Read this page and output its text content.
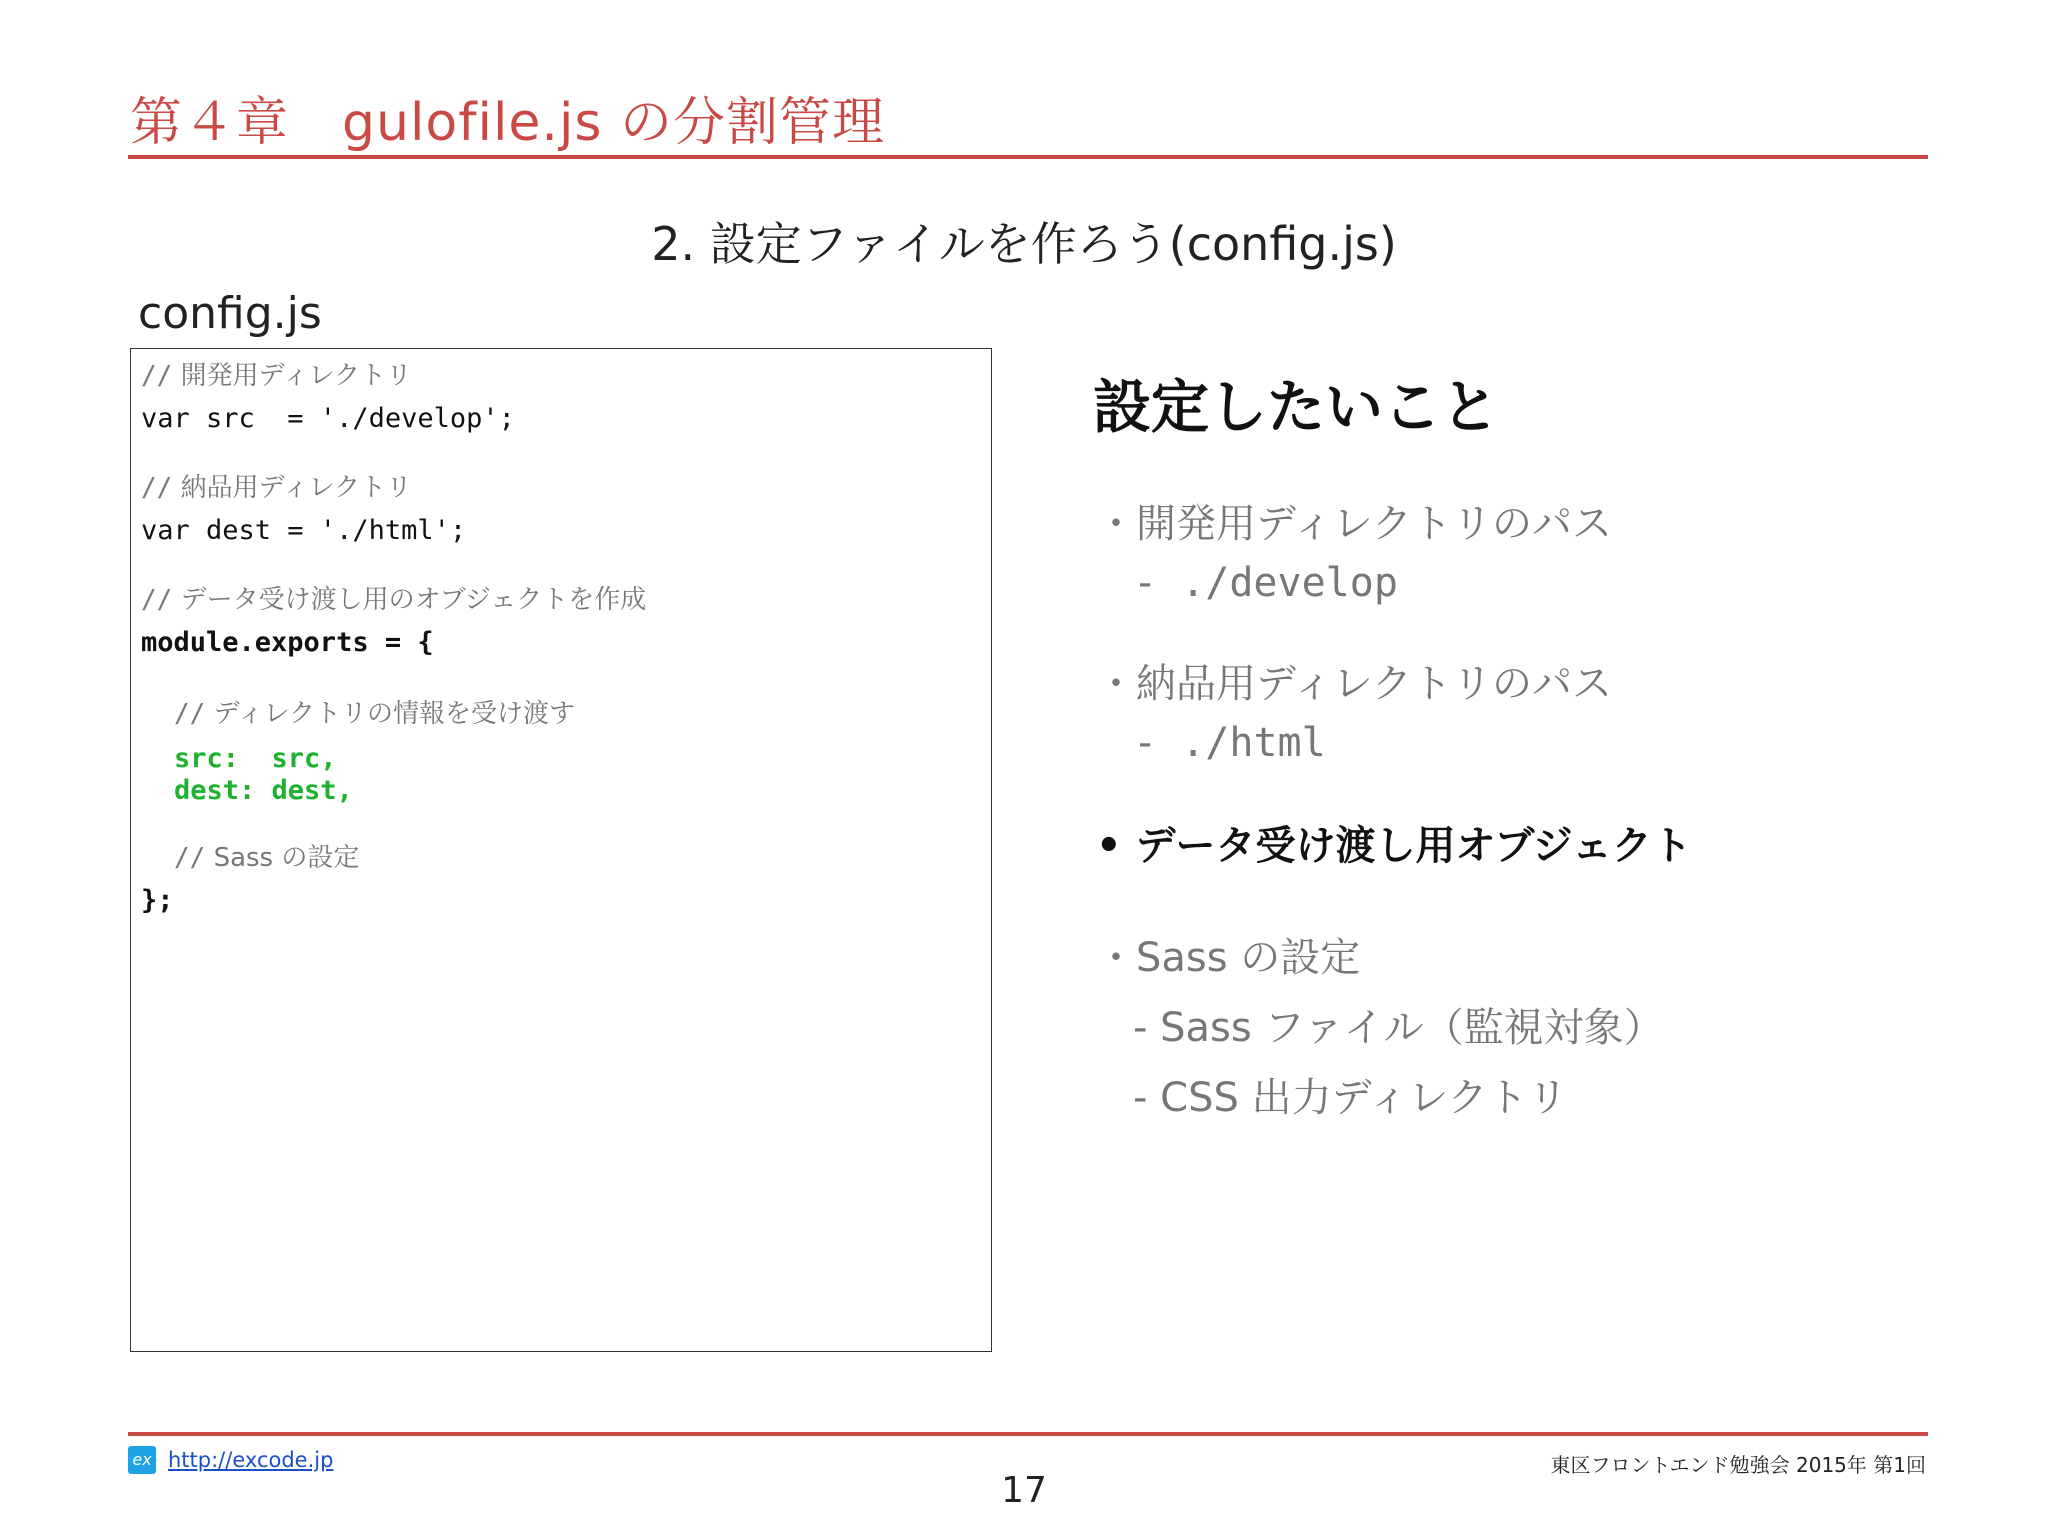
第４章　gulofile.js の分割管理
2. 設定ファイルを作ろう(config.js)
config.js
// 開発用ディレクトリ
var src  = './develop';
// 納品用ディレクトリ
var dest = './html';
// データ受け渡し用のオブジェクトを作成
module.exports = {
// ディレクトリの情報を受け渡す
src:  src,
dest: dest,
// Sass の設定
};
設定したいこと
・開発用ディレクトリのパス
- ./develop
・納品用ディレクトリのパス
- ./html
• データ受け渡し用オブジェクト
・Sass の設定
- Sass ファイル（監視対象）
- CSS 出力ディレクトリ
ex http://excode.jp	東区フロントエンド勉強会 2015年 第1回
17
